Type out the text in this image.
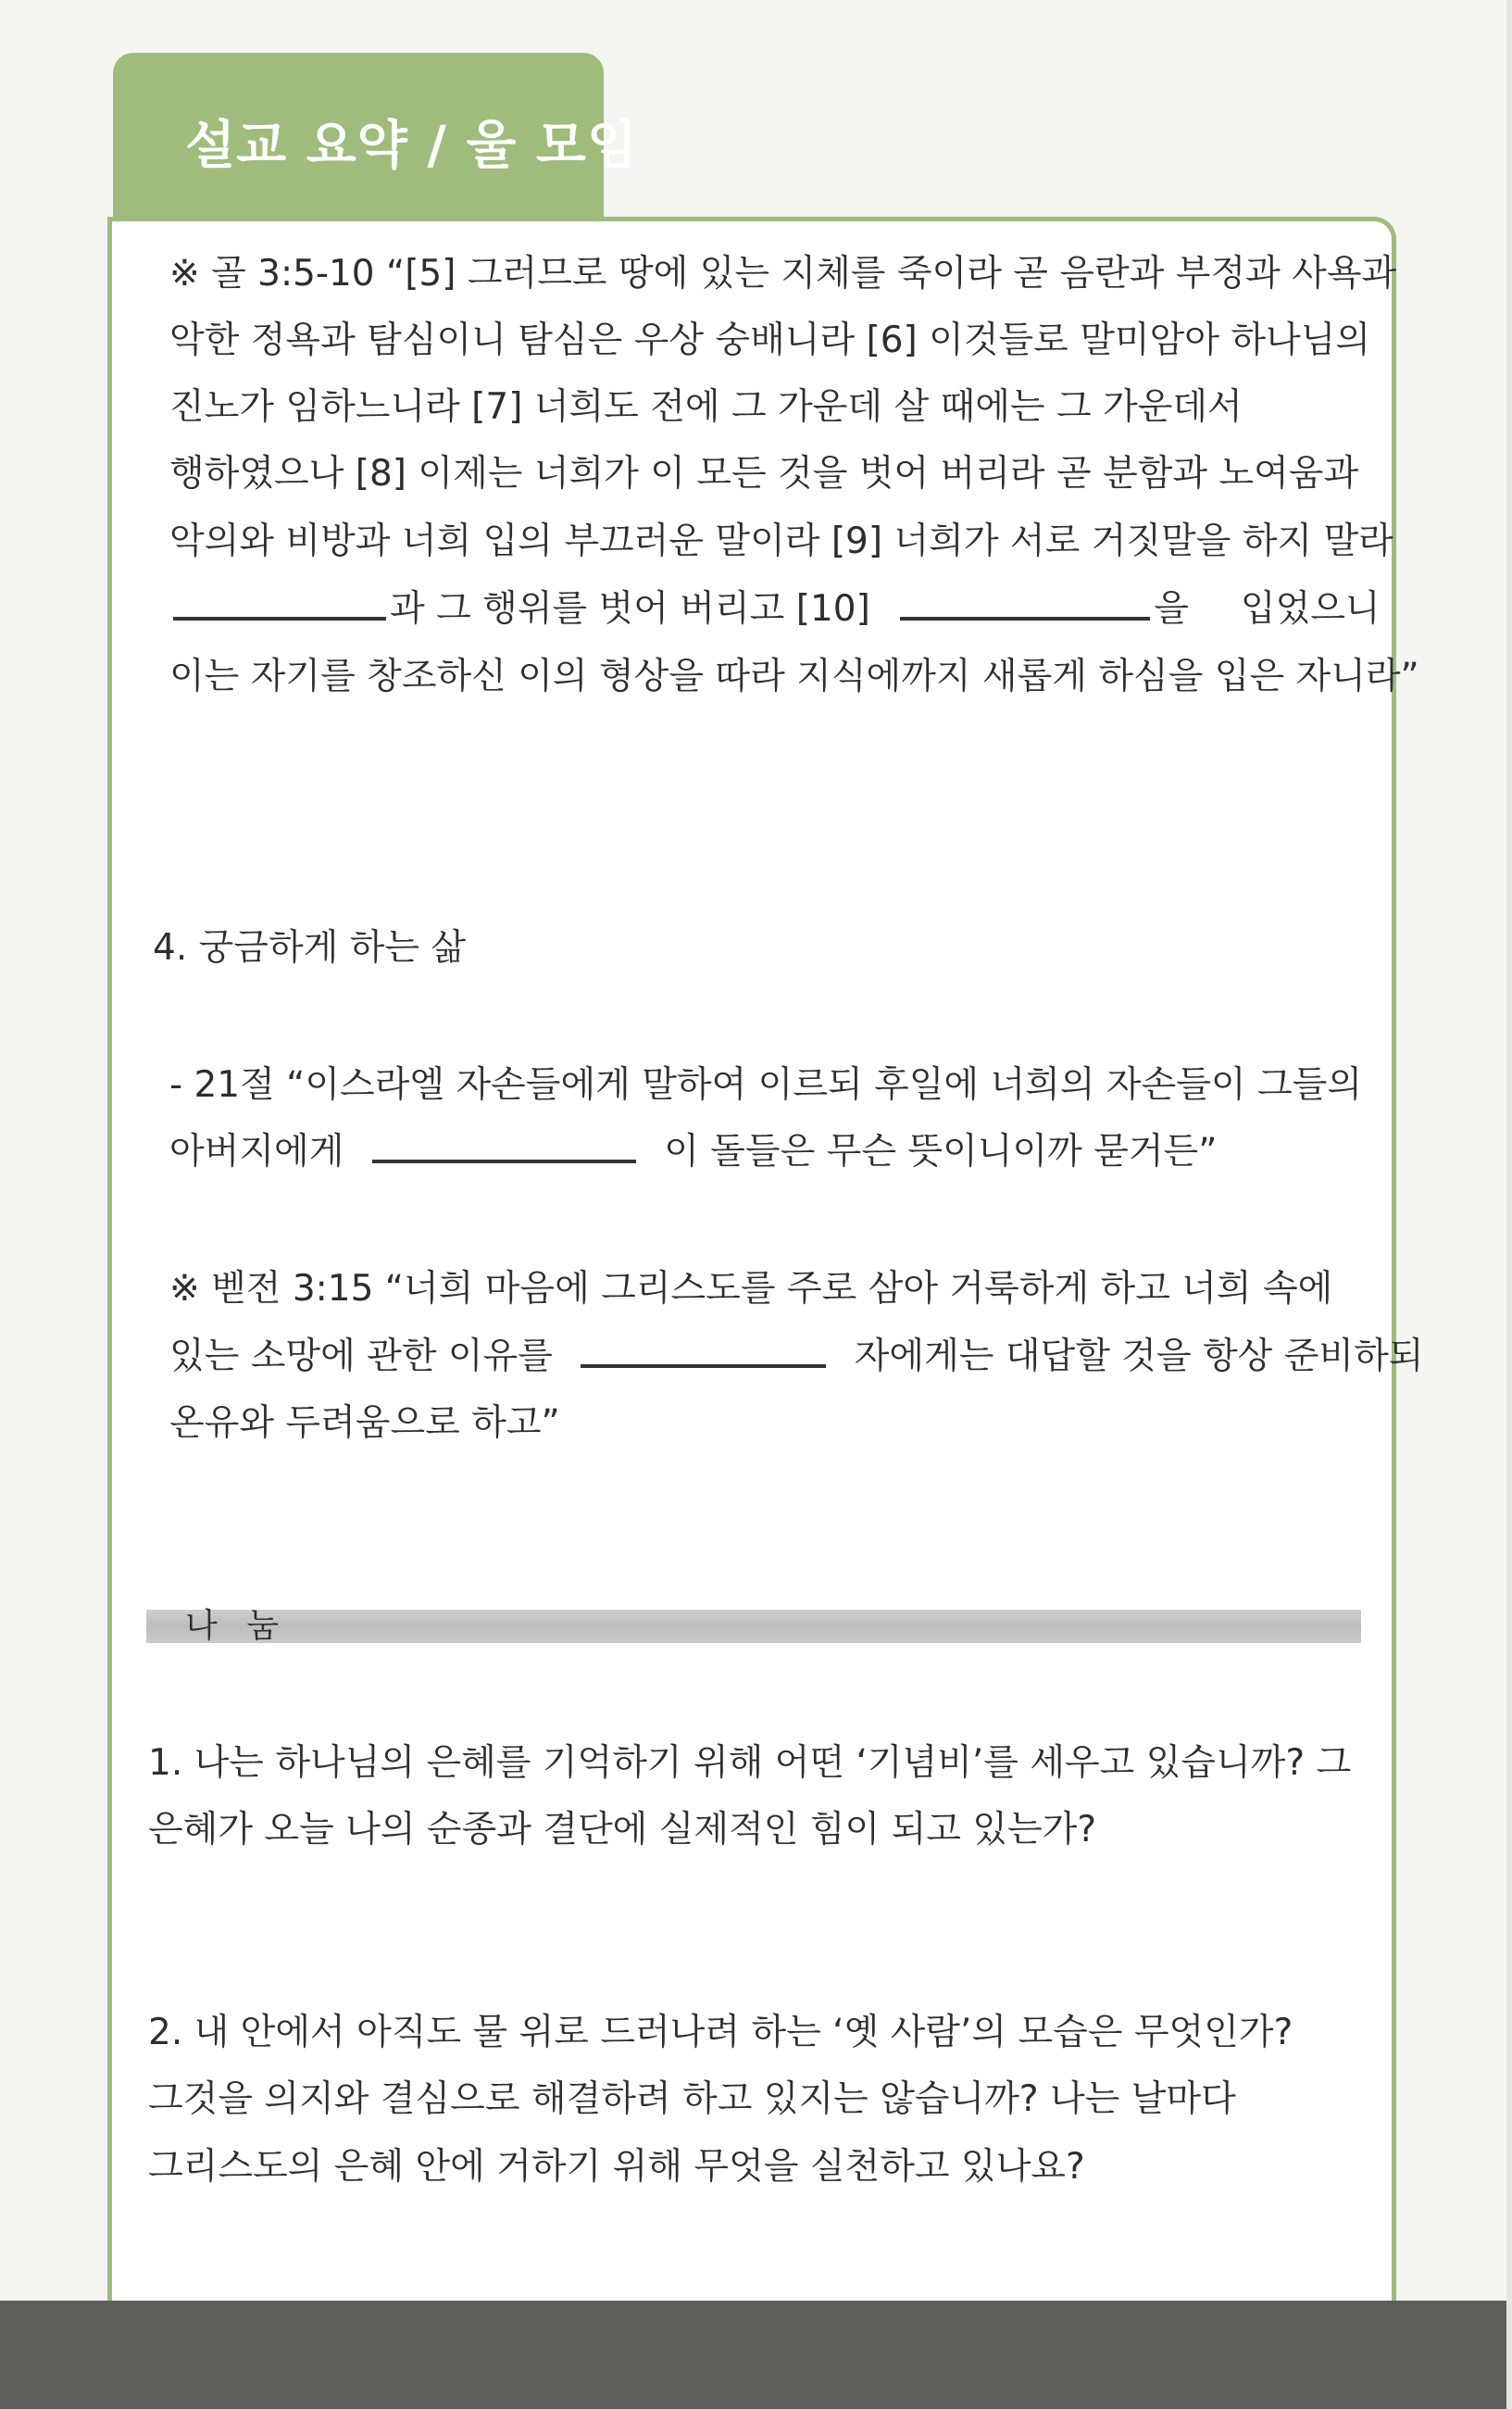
설교 요약 / 울 모임
※ 골 3:5-10 “[5] 그러므로 땅에 있는 지체를 죽이라 곧 음란과 부정과 사욕과
악한 정욕과 탐심이니 탐심은 우상 숭배니라 [6] 이것들로 말미암아 하나님의
진노가 임하느니라 [7] 너희도 전에 그 가운데 살 때에는 그 가운데서
행하였으나 [8] 이제는 너희가 이 모든 것을 벗어 버리라 곧 분함과 노여움과
악의와 비방과 너희 입의 부끄러운 말이라 [9] 너희가 서로 거짓말을 하지 말라
과 그 행위를 벗어 버리고 [10]	을 입었으니
이는 자기를 창조하신 이의 형상을 따라 지식에까지 새롭게 하심을 입은 자니라”
4. 궁금하게 하는 삶
- 21절 “이스라엘 자손들에게 말하여 이르되 후일에 너희의 자손들이 그들의
아버지에게	이 돌들은 무슨 뜻이니이까 묻거든”
※ 벧전 3:15 “너희 마음에 그리스도를 주로 삼아 거룩하게 하고 너희 속에
있는 소망에 관한 이유를	자에게는 대답할 것을 항상 준비하되
온유와 두려움으로 하고”
나 눔
1. 나는 하나님의 은혜를 기억하기 위해 어떤 ‘기념비’를 세우고 있습니까? 그
은혜가 오늘 나의 순종과 결단에 실제적인 힘이 되고 있는가?
2. 내 안에서 아직도 물 위로 드러나려 하는 ‘옛 사람’의 모습은 무엇인가?
그것을 의지와 결심으로 해결하려 하고 있지는 않습니까? 나는 날마다
그리스도의 은혜 안에 거하기 위해 무엇을 실천하고 있나요?
